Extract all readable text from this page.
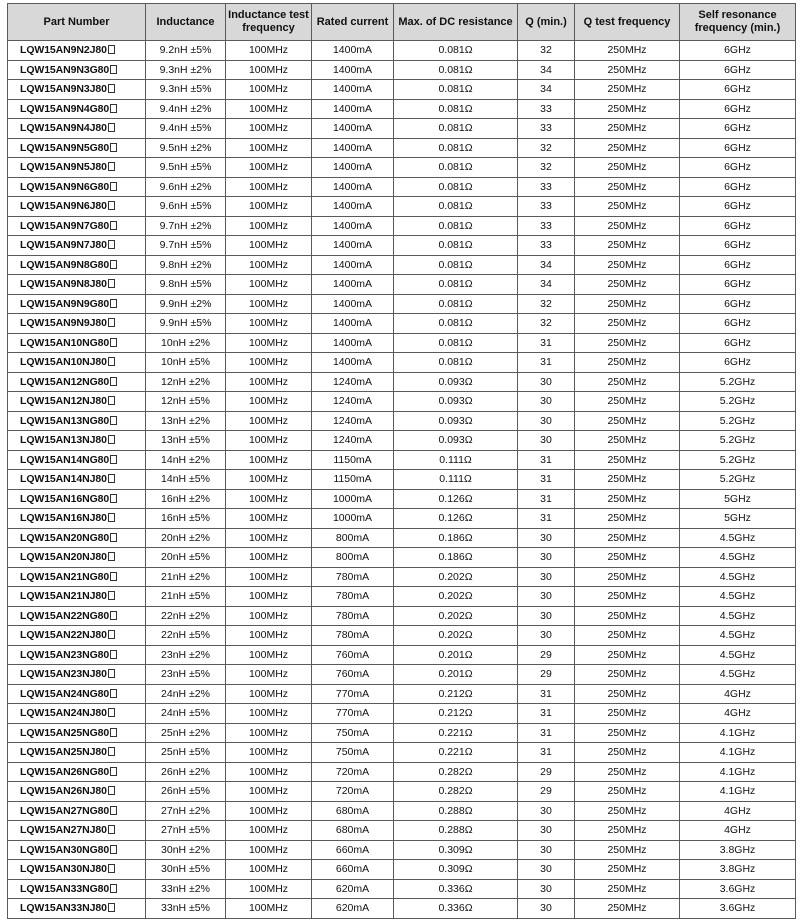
Part Number	Inductance	Inductance test frequency	Rated current	Max. of DC resistance	Q (min.)	Q test frequency	Self resonance frequency (min.)
LQW15AN9N2J80	9.2nH ±5%	100MHz	1400mA	0.081Ω	32	250MHz	6GHz
LQW15AN9N3G80	9.3nH ±2%	100MHz	1400mA	0.081Ω	34	250MHz	6GHz
LQW15AN9N3J80	9.3nH ±5%	100MHz	1400mA	0.081Ω	34	250MHz	6GHz
LQW15AN9N4G80	9.4nH ±2%	100MHz	1400mA	0.081Ω	33	250MHz	6GHz
LQW15AN9N4J80	9.4nH ±5%	100MHz	1400mA	0.081Ω	33	250MHz	6GHz
LQW15AN9N5G80	9.5nH ±2%	100MHz	1400mA	0.081Ω	32	250MHz	6GHz
LQW15AN9N5J80	9.5nH ±5%	100MHz	1400mA	0.081Ω	32	250MHz	6GHz
LQW15AN9N6G80	9.6nH ±2%	100MHz	1400mA	0.081Ω	33	250MHz	6GHz
LQW15AN9N6J80	9.6nH ±5%	100MHz	1400mA	0.081Ω	33	250MHz	6GHz
LQW15AN9N7G80	9.7nH ±2%	100MHz	1400mA	0.081Ω	33	250MHz	6GHz
LQW15AN9N7J80	9.7nH ±5%	100MHz	1400mA	0.081Ω	33	250MHz	6GHz
LQW15AN9N8G80	9.8nH ±2%	100MHz	1400mA	0.081Ω	34	250MHz	6GHz
LQW15AN9N8J80	9.8nH ±5%	100MHz	1400mA	0.081Ω	34	250MHz	6GHz
LQW15AN9N9G80	9.9nH ±2%	100MHz	1400mA	0.081Ω	32	250MHz	6GHz
LQW15AN9N9J80	9.9nH ±5%	100MHz	1400mA	0.081Ω	32	250MHz	6GHz
LQW15AN10NG80	10nH ±2%	100MHz	1400mA	0.081Ω	31	250MHz	6GHz
LQW15AN10NJ80	10nH ±5%	100MHz	1400mA	0.081Ω	31	250MHz	6GHz
LQW15AN12NG80	12nH ±2%	100MHz	1240mA	0.093Ω	30	250MHz	5.2GHz
LQW15AN12NJ80	12nH ±5%	100MHz	1240mA	0.093Ω	30	250MHz	5.2GHz
LQW15AN13NG80	13nH ±2%	100MHz	1240mA	0.093Ω	30	250MHz	5.2GHz
LQW15AN13NJ80	13nH ±5%	100MHz	1240mA	0.093Ω	30	250MHz	5.2GHz
LQW15AN14NG80	14nH ±2%	100MHz	1150mA	0.111Ω	31	250MHz	5.2GHz
LQW15AN14NJ80	14nH ±5%	100MHz	1150mA	0.111Ω	31	250MHz	5.2GHz
LQW15AN16NG80	16nH ±2%	100MHz	1000mA	0.126Ω	31	250MHz	5GHz
LQW15AN16NJ80	16nH ±5%	100MHz	1000mA	0.126Ω	31	250MHz	5GHz
LQW15AN20NG80	20nH ±2%	100MHz	800mA	0.186Ω	30	250MHz	4.5GHz
LQW15AN20NJ80	20nH ±5%	100MHz	800mA	0.186Ω	30	250MHz	4.5GHz
LQW15AN21NG80	21nH ±2%	100MHz	780mA	0.202Ω	30	250MHz	4.5GHz
LQW15AN21NJ80	21nH ±5%	100MHz	780mA	0.202Ω	30	250MHz	4.5GHz
LQW15AN22NG80	22nH ±2%	100MHz	780mA	0.202Ω	30	250MHz	4.5GHz
LQW15AN22NJ80	22nH ±5%	100MHz	780mA	0.202Ω	30	250MHz	4.5GHz
LQW15AN23NG80	23nH ±2%	100MHz	760mA	0.201Ω	29	250MHz	4.5GHz
LQW15AN23NJ80	23nH ±5%	100MHz	760mA	0.201Ω	29	250MHz	4.5GHz
LQW15AN24NG80	24nH ±2%	100MHz	770mA	0.212Ω	31	250MHz	4GHz
LQW15AN24NJ80	24nH ±5%	100MHz	770mA	0.212Ω	31	250MHz	4GHz
LQW15AN25NG80	25nH ±2%	100MHz	750mA	0.221Ω	31	250MHz	4.1GHz
LQW15AN25NJ80	25nH ±5%	100MHz	750mA	0.221Ω	31	250MHz	4.1GHz
LQW15AN26NG80	26nH ±2%	100MHz	720mA	0.282Ω	29	250MHz	4.1GHz
LQW15AN26NJ80	26nH ±5%	100MHz	720mA	0.282Ω	29	250MHz	4.1GHz
LQW15AN27NG80	27nH ±2%	100MHz	680mA	0.288Ω	30	250MHz	4GHz
LQW15AN27NJ80	27nH ±5%	100MHz	680mA	0.288Ω	30	250MHz	4GHz
LQW15AN30NG80	30nH ±2%	100MHz	660mA	0.309Ω	30	250MHz	3.8GHz
LQW15AN30NJ80	30nH ±5%	100MHz	660mA	0.309Ω	30	250MHz	3.8GHz
LQW15AN33NG80	33nH ±2%	100MHz	620mA	0.336Ω	30	250MHz	3.6GHz
LQW15AN33NJ80	33nH ±5%	100MHz	620mA	0.336Ω	30	250MHz	3.6GHz
